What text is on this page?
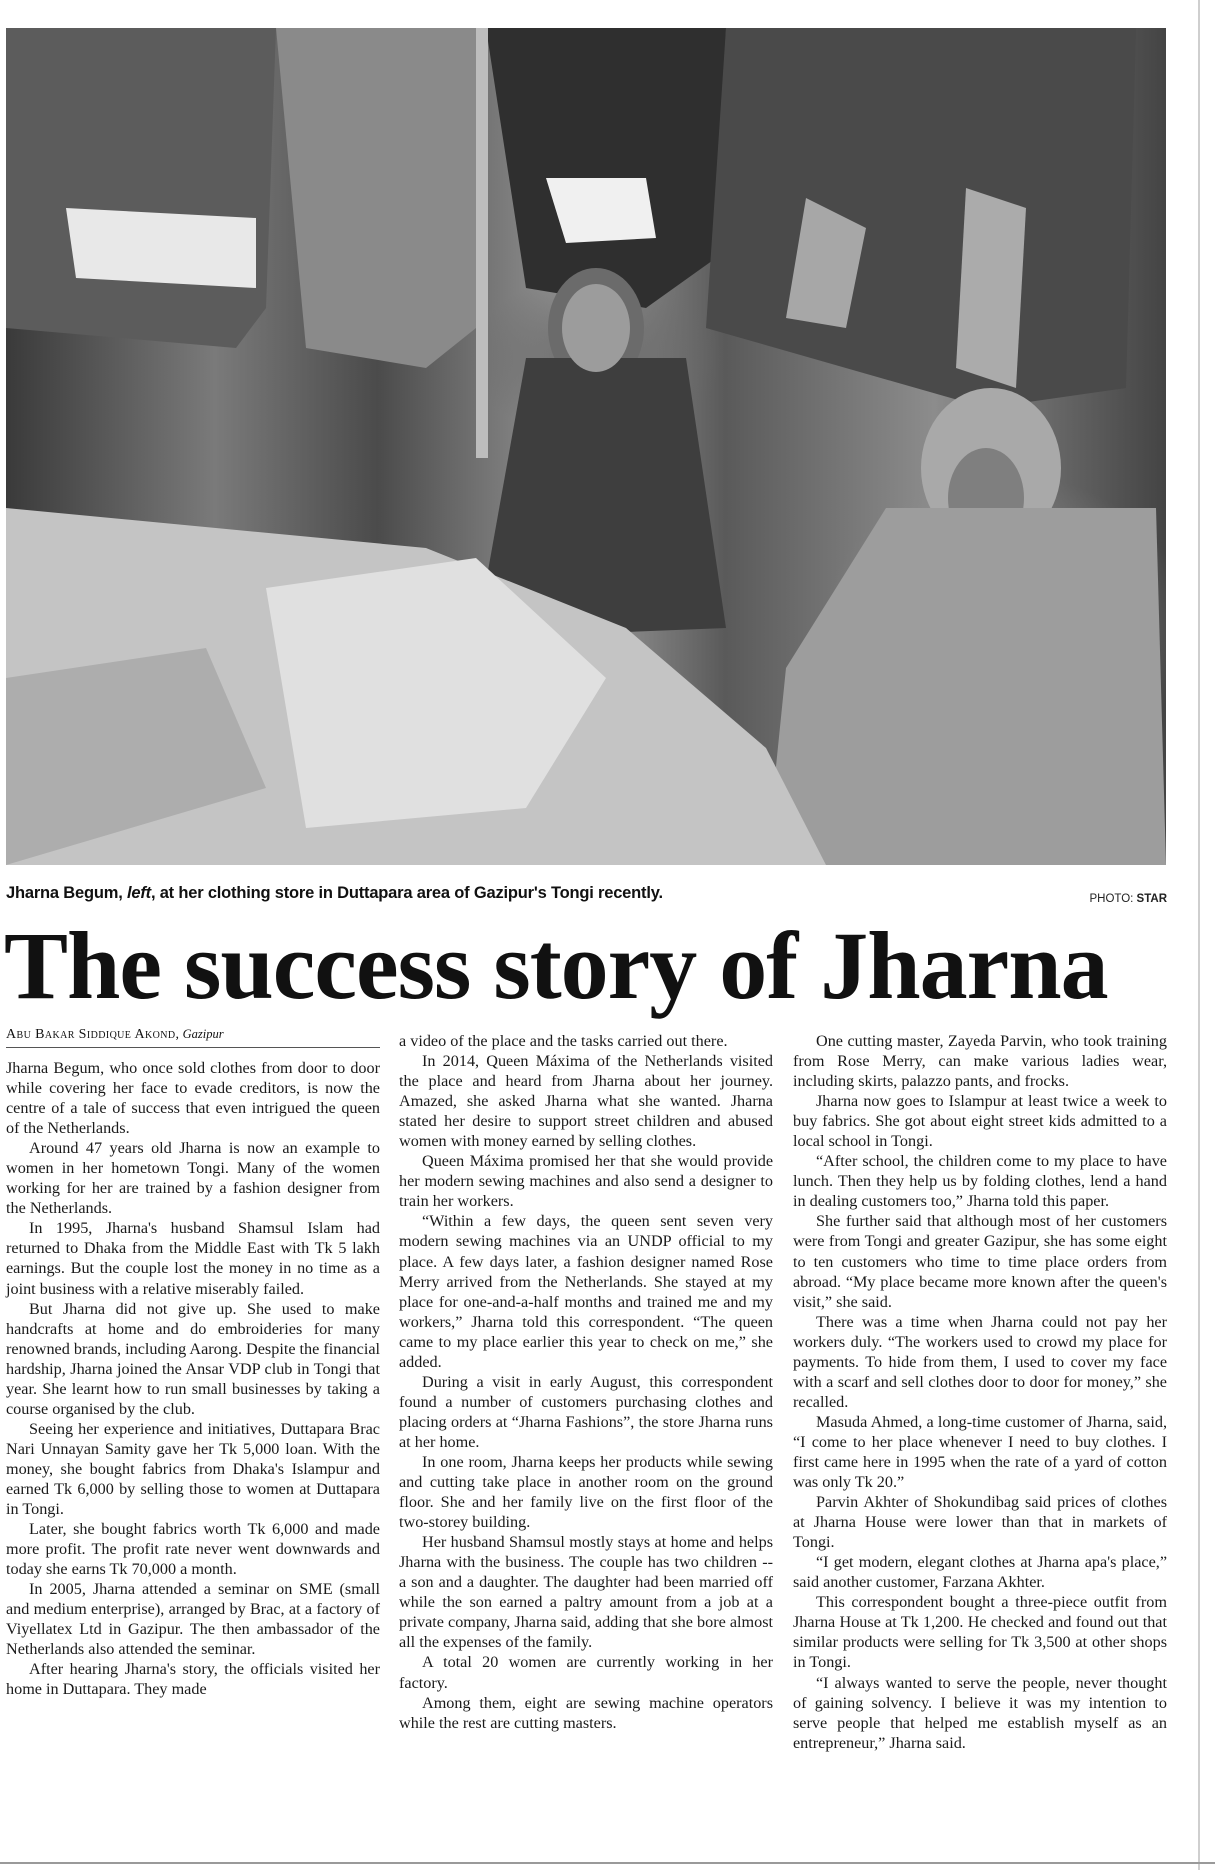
Jharna Begum, left, at her clothing store in Duttapara area of Gazipur's Tongi recently.	PHOTO: STAR
The success story of Jharna
Abu Bakar Siddique Akond, Gazipur

Jharna Begum, who once sold clothes from door to door while covering her face to evade creditors, is now the centre of a tale of success that even intrigued the queen of the Netherlands.

Around 47 years old Jharna is now an example to women in her hometown Tongi. Many of the women working for her are trained by a fashion designer from the Netherlands.

In 1995, Jharna's husband Shamsul Islam had returned to Dhaka from the Middle East with Tk 5 lakh earnings. But the couple lost the money in no time as a joint business with a relative miserably failed.

But Jharna did not give up. She used to make handcrafts at home and do embroideries for many renowned brands, including Aarong. Despite the financial hardship, Jharna joined the Ansar VDP club in Tongi that year. She learnt how to run small businesses by taking a course organised by the club.

Seeing her experience and initiatives, Duttapara Brac Nari Unnayan Samity gave her Tk 5,000 loan. With the money, she bought fabrics from Dhaka's Islampur and earned Tk 6,000 by selling those to women at Duttapara in Tongi.

Later, she bought fabrics worth Tk 6,000 and made more profit. The profit rate never went downwards and today she earns Tk 70,000 a month.

In 2005, Jharna attended a seminar on SME (small and medium enterprise), arranged by Brac, at a factory of Viyellatex Ltd in Gazipur. The then ambassador of the Netherlands also attended the seminar.

After hearing Jharna's story, the officials visited her home in Duttapara. They made

a video of the place and the tasks carried out there.

In 2014, Queen Máxima of the Netherlands visited the place and heard from Jharna about her journey. Amazed, she asked Jharna what she wanted. Jharna stated her desire to support street children and abused women with money earned by selling clothes.

Queen Máxima promised her that she would provide her modern sewing machines and also send a designer to train her workers.

“Within a few days, the queen sent seven very modern sewing machines via an UNDP official to my place. A few days later, a fashion designer named Rose Merry arrived from the Netherlands. She stayed at my place for one-and-a-half months and trained me and my workers,” Jharna told this correspondent. “The queen came to my place earlier this year to check on me,” she added.

During a visit in early August, this correspondent found a number of customers purchasing clothes and placing orders at “Jharna Fashions”, the store Jharna runs at her home.

In one room, Jharna keeps her products while sewing and cutting take place in another room on the ground floor. She and her family live on the first floor of the two-storey building.

Her husband Shamsul mostly stays at home and helps Jharna with the business. The couple has two children -- a son and a daughter. The daughter had been married off while the son earned a paltry amount from a job at a private company, Jharna said, adding that she bore almost all the expenses of the family.

A total 20 women are currently working in her factory.

Among them, eight are sewing machine operators while the rest are cutting masters.

One cutting master, Zayeda Parvin, who took training from Rose Merry, can make various ladies wear, including skirts, palazzo pants, and frocks.

Jharna now goes to Islampur at least twice a week to buy fabrics. She got about eight street kids admitted to a local school in Tongi.

“After school, the children come to my place to have lunch. Then they help us by folding clothes, lend a hand in dealing customers too,” Jharna told this paper.

She further said that although most of her customers were from Tongi and greater Gazipur, she has some eight to ten customers who time to time place orders from abroad. “My place became more known after the queen's visit,” she said.

There was a time when Jharna could not pay her workers duly. “The workers used to crowd my place for payments. To hide from them, I used to cover my face with a scarf and sell clothes door to door for money,” she recalled.

Masuda Ahmed, a long-time customer of Jharna, said, “I come to her place whenever I need to buy clothes. I first came here in 1995 when the rate of a yard of cotton was only Tk 20.”

Parvin Akhter of Shokundibag said prices of clothes at Jharna House were lower than that in markets of Tongi.

“I get modern, elegant clothes at Jharna apa's place,” said another customer, Farzana Akhter.

This correspondent bought a three-piece outfit from Jharna House at Tk 1,200. He checked and found out that similar products were selling for Tk 3,500 at other shops in Tongi.

“I always wanted to serve the people, never thought of gaining solvency. I believe it was my intention to serve people that helped me establish myself as an entrepreneur,” Jharna said.
